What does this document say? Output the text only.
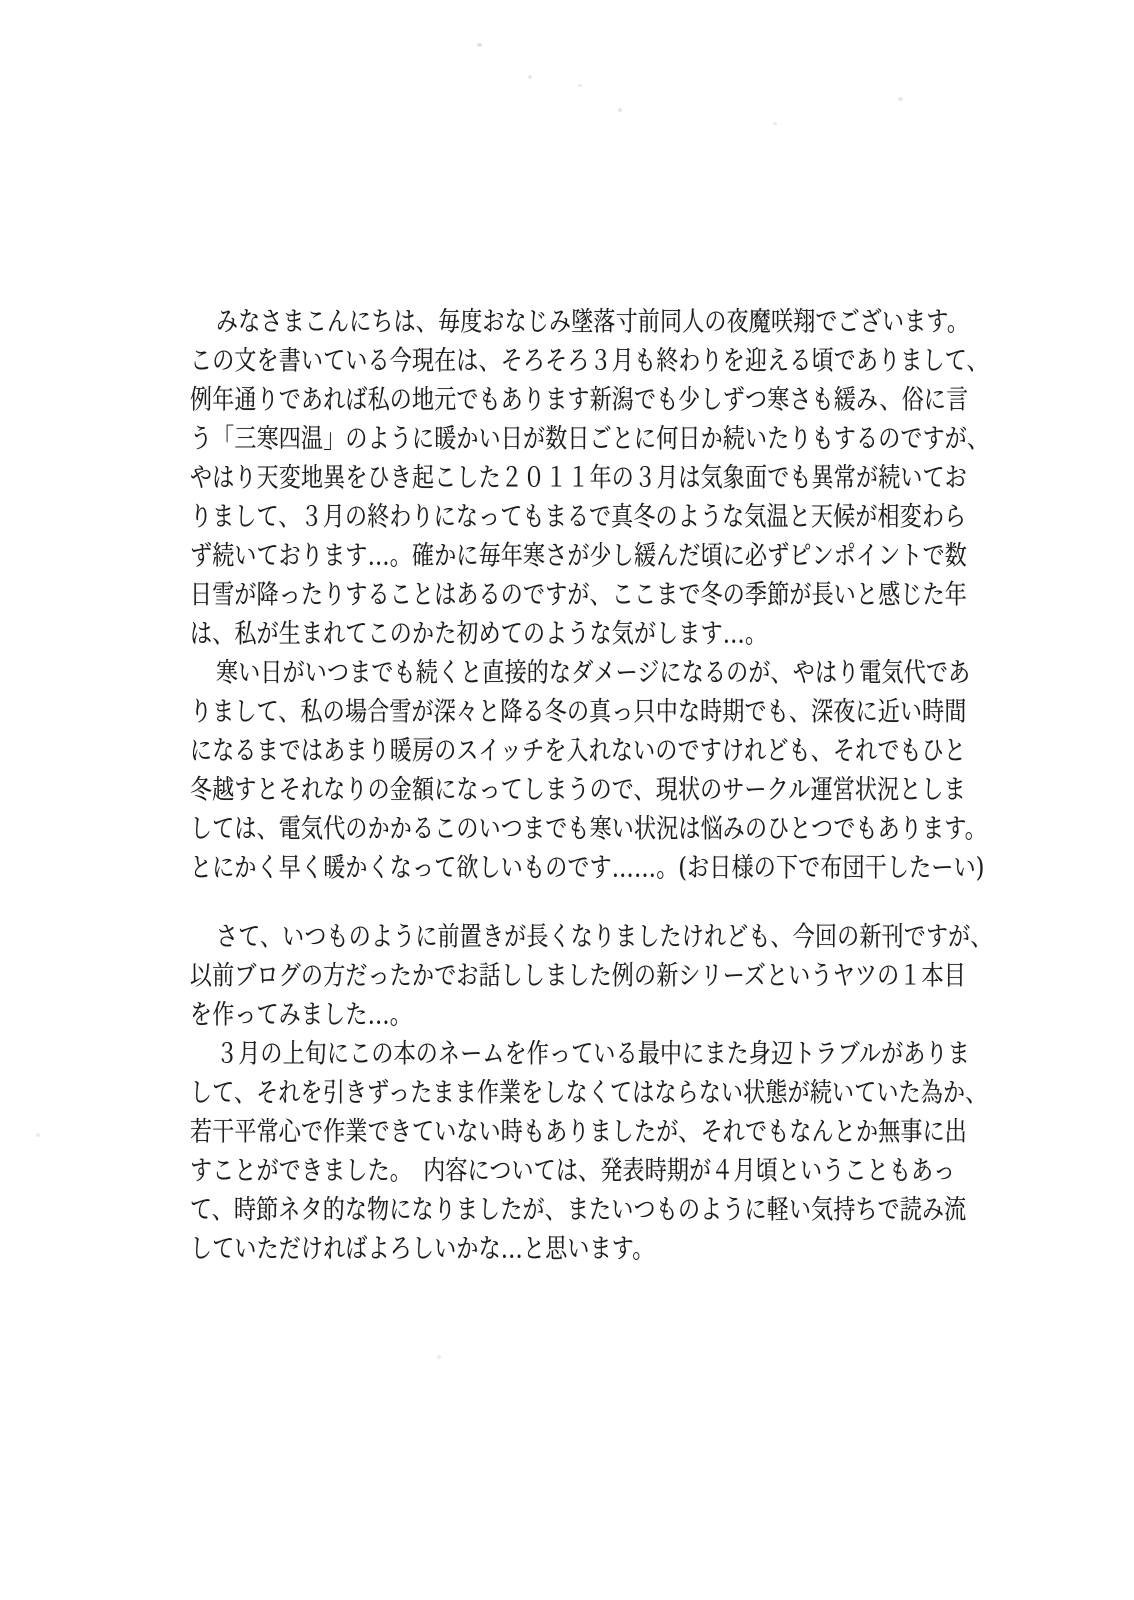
みなさまこんにちは、毎度おなじみ墜落寸前同人の夜魔咲翔でございます。
この文を書いている今現在は、そろそろ３月も終わりを迎える頃でありまして、
例年通りであれば私の地元でもあります新潟でも少しずつ寒さも緩み、俗に言
う「三寒四温」のように暖かい日が数日ごとに何日か続いたりもするのですが、
やはり天変地異をひき起こした２０１１年の３月は気象面でも異常が続いてお
りまして、３月の終わりになってもまるで真冬のような気温と天候が相変わら
ず続いております…。確かに毎年寒さが少し緩んだ頃に必ずピンポイントで数
日雪が降ったりすることはあるのですが、ここまで冬の季節が長いと感じた年
は、私が生まれてこのかた初めてのような気がします…。
寒い日がいつまでも続くと直接的なダメージになるのが、やはり電気代であ
りまして、私の場合雪が深々と降る冬の真っ只中な時期でも、深夜に近い時間
になるまではあまり暖房のスイッチを入れないのですけれども、それでもひと
冬越すとそれなりの金額になってしまうので、現状のサークル運営状況としま
しては、電気代のかかるこのいつまでも寒い状況は悩みのひとつでもあります。
とにかく早く暖かくなって欲しいものです……。(お日様の下で布団干したーい)
さて、いつものように前置きが長くなりましたけれども、今回の新刊ですが、
以前ブログの方だったかでお話ししました例の新シリーズというヤツの１本目
を作ってみました…。
３月の上旬にこの本のネームを作っている最中にまた身辺トラブルがありま
して、それを引きずったまま作業をしなくてはならない状態が続いていた為か、
若干平常心で作業できていない時もありましたが、それでもなんとか無事に出
すことができました。　内容については、発表時期が４月頃ということもあっ
て、時節ネタ的な物になりましたが、またいつものように軽い気持ちで読み流
していただければよろしいかな…と思います。
